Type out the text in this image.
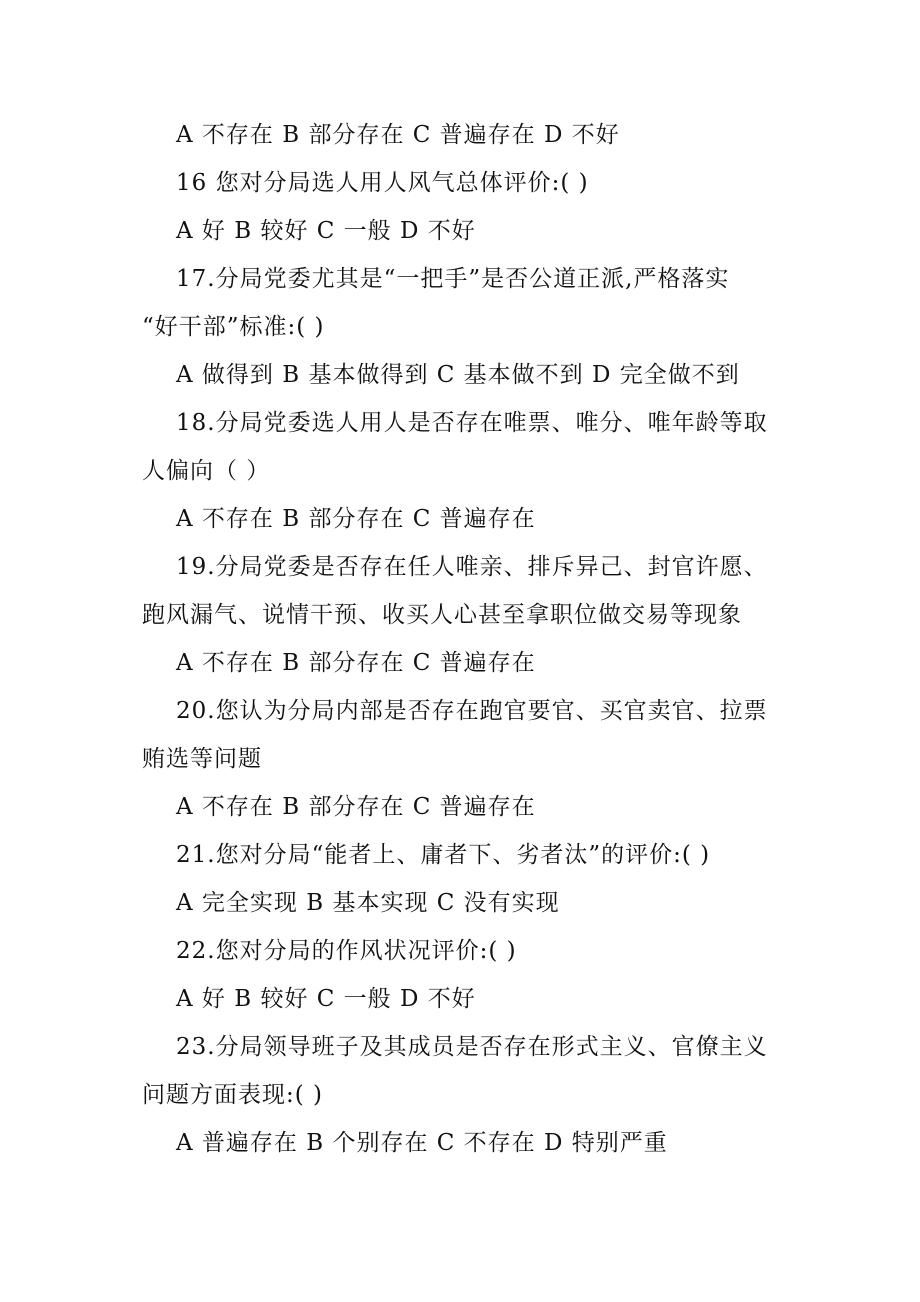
A 不存在 B 部分存在 C 普遍存在 D 不好
16 您对分局选人用人风气总体评价:( )
A 好 B 较好 C 一般 D 不好
17.分局党委尤其是“一把手”是否公道正派,严格落实
“好干部”标准:( )
A 做得到 B 基本做得到 C 基本做不到 D 完全做不到
18.分局党委选人用人是否存在唯票、唯分、唯年龄等取
人偏向（ ）
A 不存在 B 部分存在 C 普遍存在
19.分局党委是否存在任人唯亲、排斥异己、封官许愿、
跑风漏气、说情干预、收买人心甚至拿职位做交易等现象
A 不存在 B 部分存在 C 普遍存在
20.您认为分局内部是否存在跑官要官、买官卖官、拉票
贿选等问题
A 不存在 B 部分存在 C 普遍存在
21.您对分局“能者上、庸者下、劣者汰”的评价:( )
A 完全实现 B 基本实现 C 没有实现
22.您对分局的作风状况评价:( )
A 好 B 较好 C 一般 D 不好
23.分局领导班子及其成员是否存在形式主义、官僚主义
问题方面表现:( )
A 普遍存在 B 个别存在 C 不存在 D 特别严重
